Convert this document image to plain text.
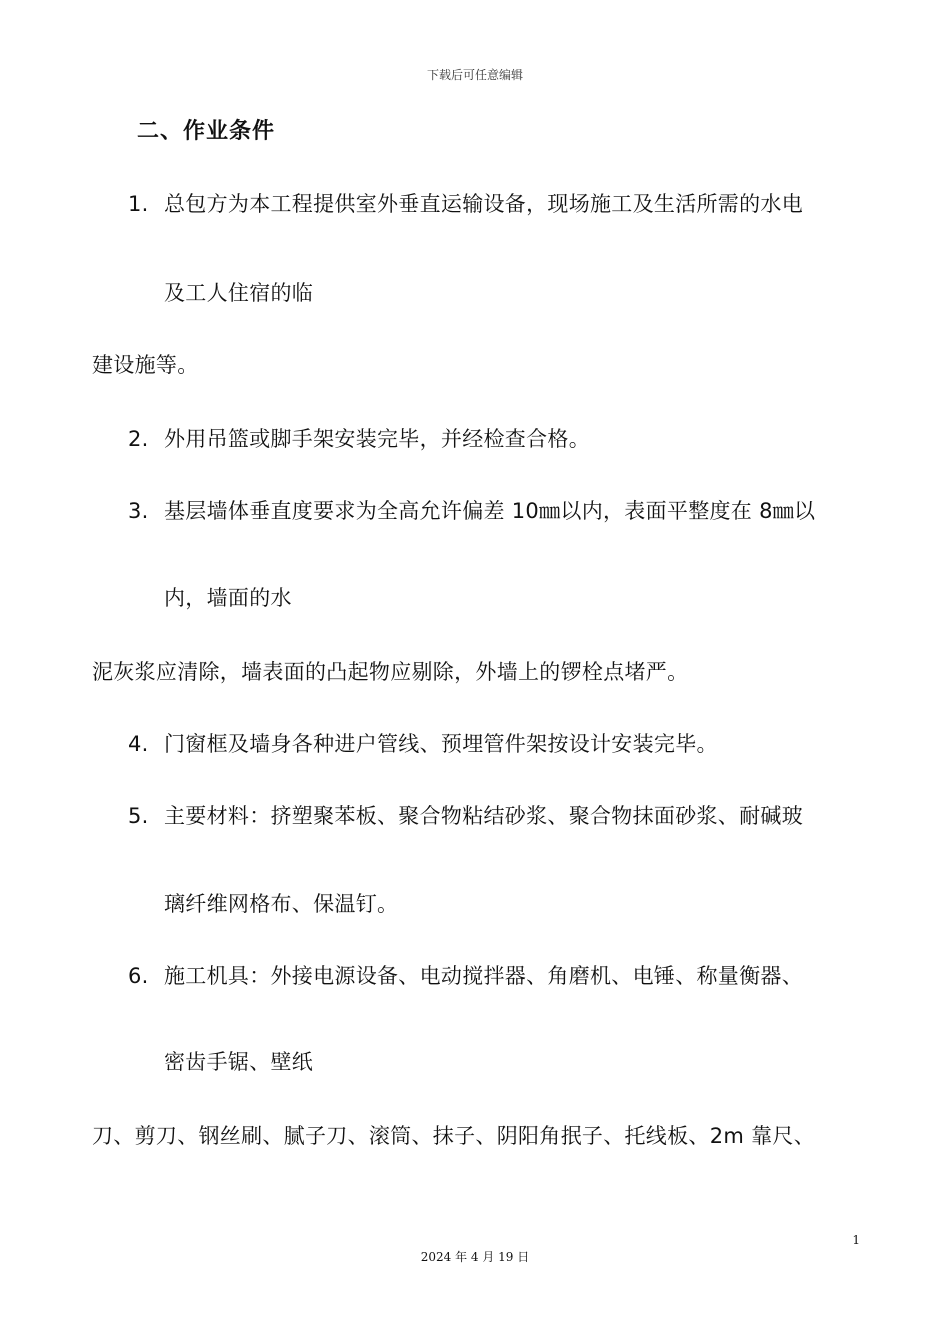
下载后可任意编辑
二、作业条件
1. 总包方为本工程提供室外垂直运输设备，现场施工及生活所需的水电
及工人住宿的临
建设施等。
2. 外用吊篮或脚手架安装完毕，并经检查合格。
3. 基层墙体垂直度要求为全高允许偏差 10㎜以内，表面平整度在 8㎜以
内，墙面的水
泥灰浆应清除，墙表面的凸起物应剔除，外墙上的锣栓点堵严。
4. 门窗框及墙身各种进户管线、预埋管件架按设计安装完毕。
5. 主要材料：挤塑聚苯板、聚合物粘结砂浆、聚合物抹面砂浆、耐碱玻
璃纤维网格布、保温钉。
6. 施工机具：外接电源设备、电动搅拌器、角磨机、电锤、称量衡器、
密齿手锯、壁纸
刀、剪刀、钢丝刷、腻子刀、滚筒、抹子、阴阳角抿子、托线板、2m 靠尺、
1
2024 年 4 月 19 日
